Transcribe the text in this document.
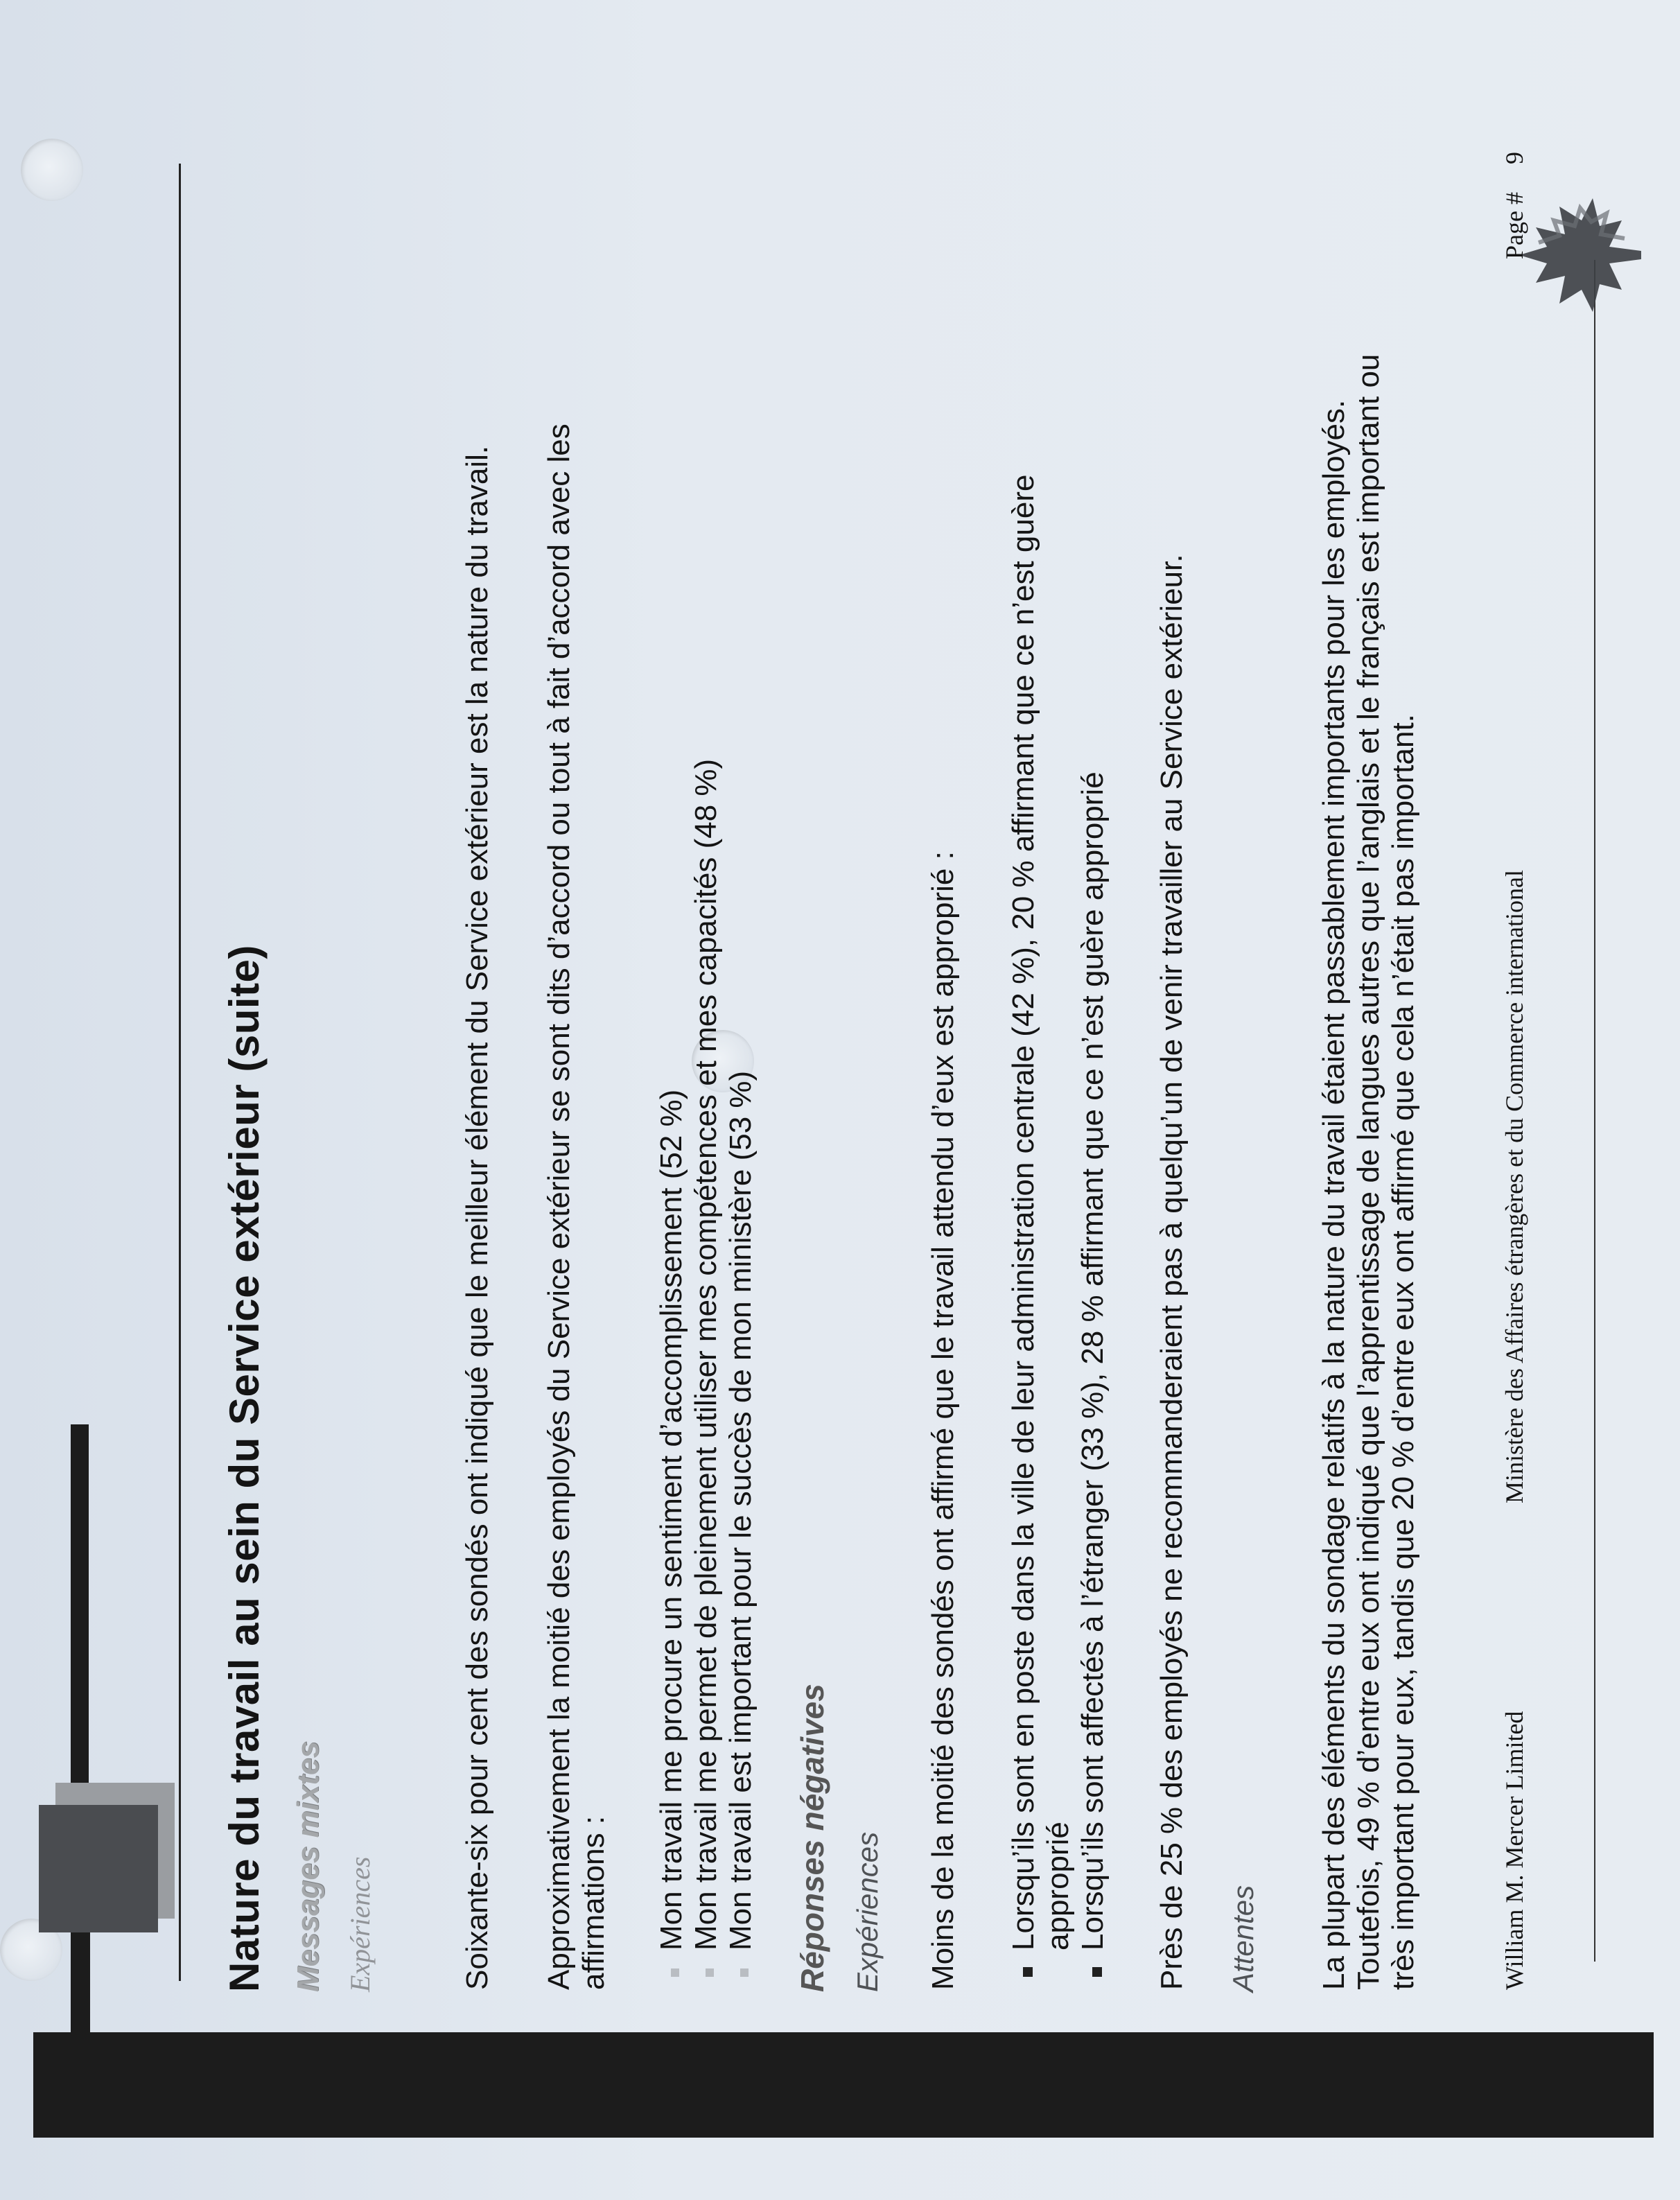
Nature du travail au sein du Service extérieur (suite) Messages mixtes Expériences	Soixante-six pour cent des sondés ont indiqué que le meilleur élément du Service extérieur est la nature du travail. Approximativement la moitié des employés du Service extérieur se sont dits d’accord ou tout à fait d’accord avec les affirmations : Mon travail me procure un sentiment d’accomplissement (52 %) Mon travail me permet de pleinement utiliser mes compétences et mes capacités (48 %) Mon travail est important pour le succès de mon ministère (53 %) Réponses négatives Expériences Moins de la moitié des sondés ont affirmé que le travail attendu d’eux est approprié : Lorsqu’ils sont en poste dans la ville de leur administration centrale (42 %), 20 % affirmant que ce n’est guère approprié Lorsqu’ils sont affectés à l’étranger (33 %), 28 % affirmant que ce n’est guère approprié Près de 25 % des employés ne recommanderaient pas à quelqu’un de venir travailler au Service extérieur. Attentes La plupart des éléments du sondage relatifs à la nature du travail étaient passablement importants pour les employés. Toutefois, 49 % d’entre eux ont indiqué que l’apprentissage de langues autres que l’anglais et le français est important ou très important pour eux, tandis que 20 % d’entre eux ont affirmé que cela n’était pas important.	William M. Mercer Limited
Ministère des Affaires étrangères et du Commerce international
Page #  9
